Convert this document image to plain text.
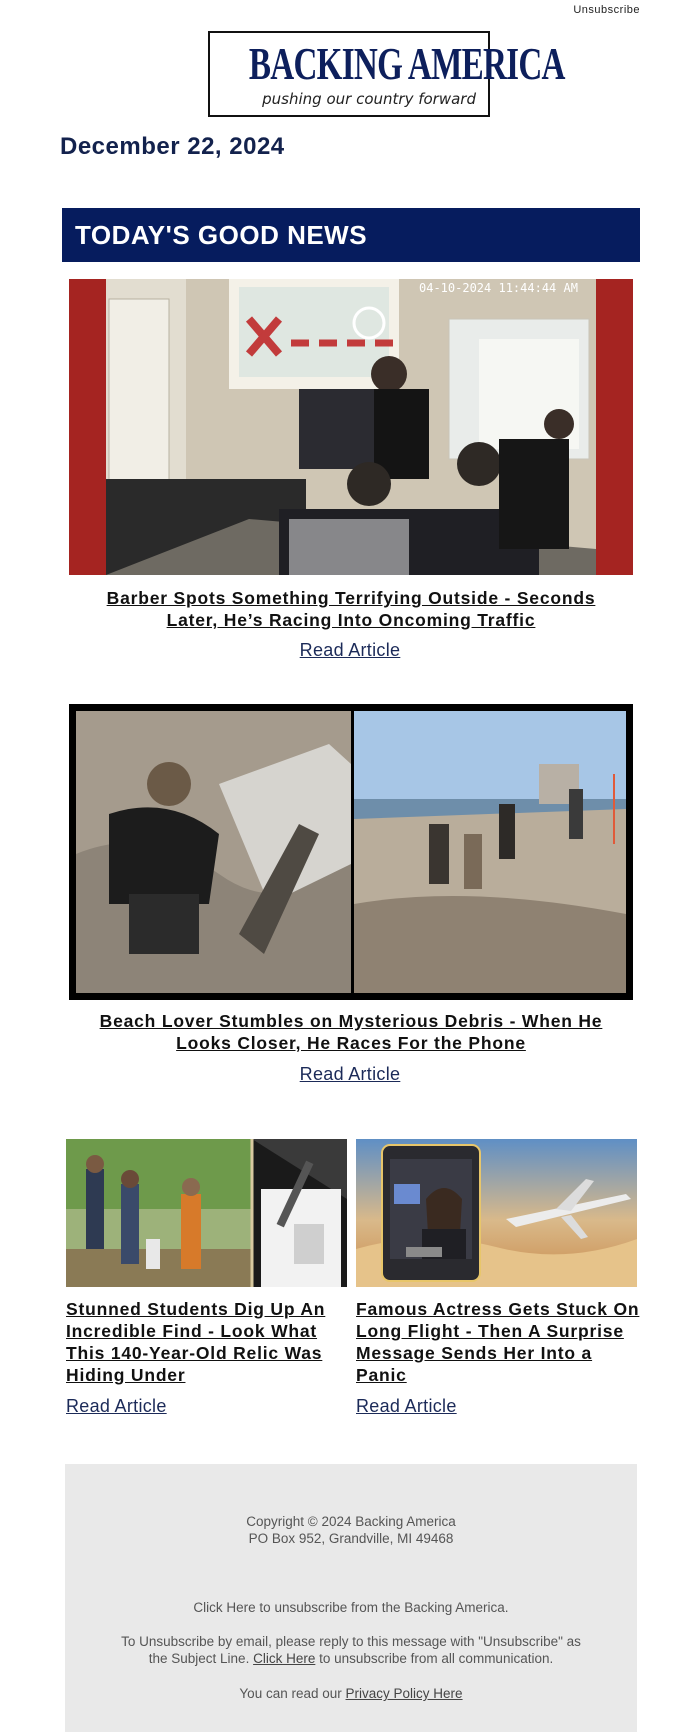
Unsubscribe
BACKING AMERICA
pushing our country forward
December 22, 2024
TODAY'S GOOD NEWS
04-10-2024 11:44:44 AM
Barber Spots Something Terrifying Outside - Seconds Later, He’s Racing Into Oncoming Traffic
Read Article
Beach Lover Stumbles on Mysterious Debris - When He Looks Closer, He Races For the Phone
Read Article
Stunned Students Dig Up An Incredible Find - Look What This 140-Year-Old Relic Was Hiding Under
Read Article
Famous Actress Gets Stuck On Long Flight - Then A Surprise Message Sends Her Into a Panic
Read Article
Copyright © 2024 Backing America
PO Box 952, Grandville, MI 49468
Click Here to unsubscribe from the Backing America.
To Unsubscribe by email, please reply to this message with "Unsubscribe" as
the Subject Line. Click Here to unsubscribe from all communication.
You can read our Privacy Policy Here
